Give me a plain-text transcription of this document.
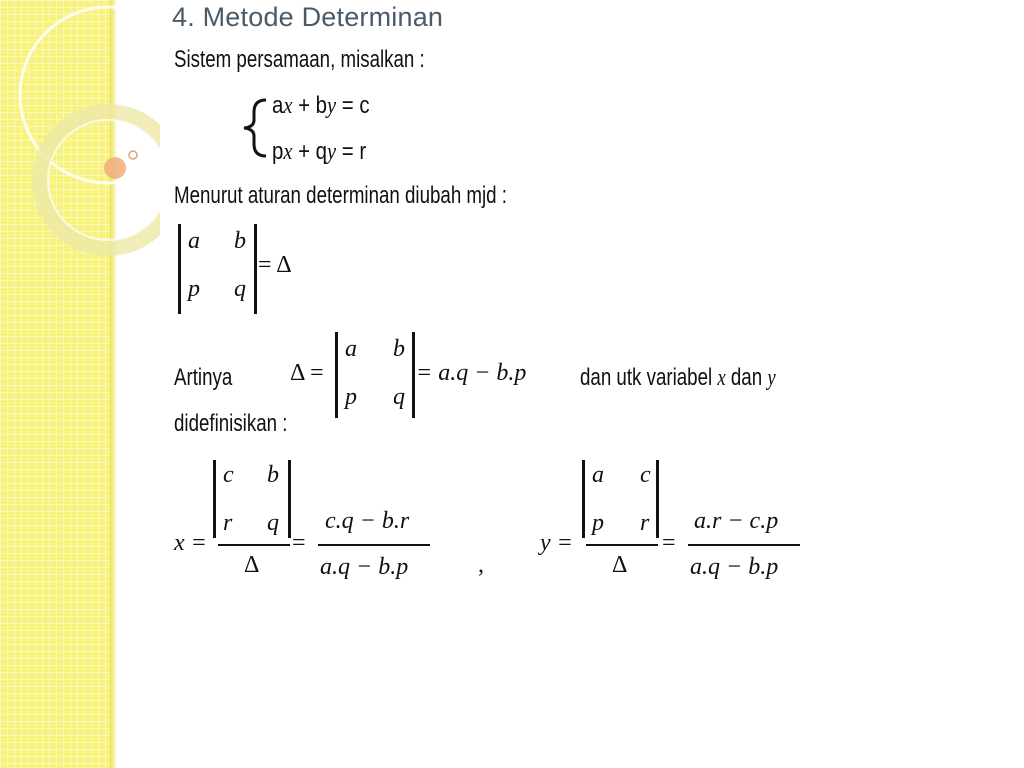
4. Metode Determinan
Sistem persamaan, misalkan :
ax + by = c
px + qy = r
Menurut aturan determinan diubah mjd :
a b
p q
= Δ
Artinya Δ =
a b
p q
= a.q − b.p dan utk variabel x dan y
didefinisikan :
x =
c b
r q
Δ
=
c.q − b.r
a.q − b.p	,
y =
a c
p r
Δ
=
a.r − c.p
a.q − b.p
